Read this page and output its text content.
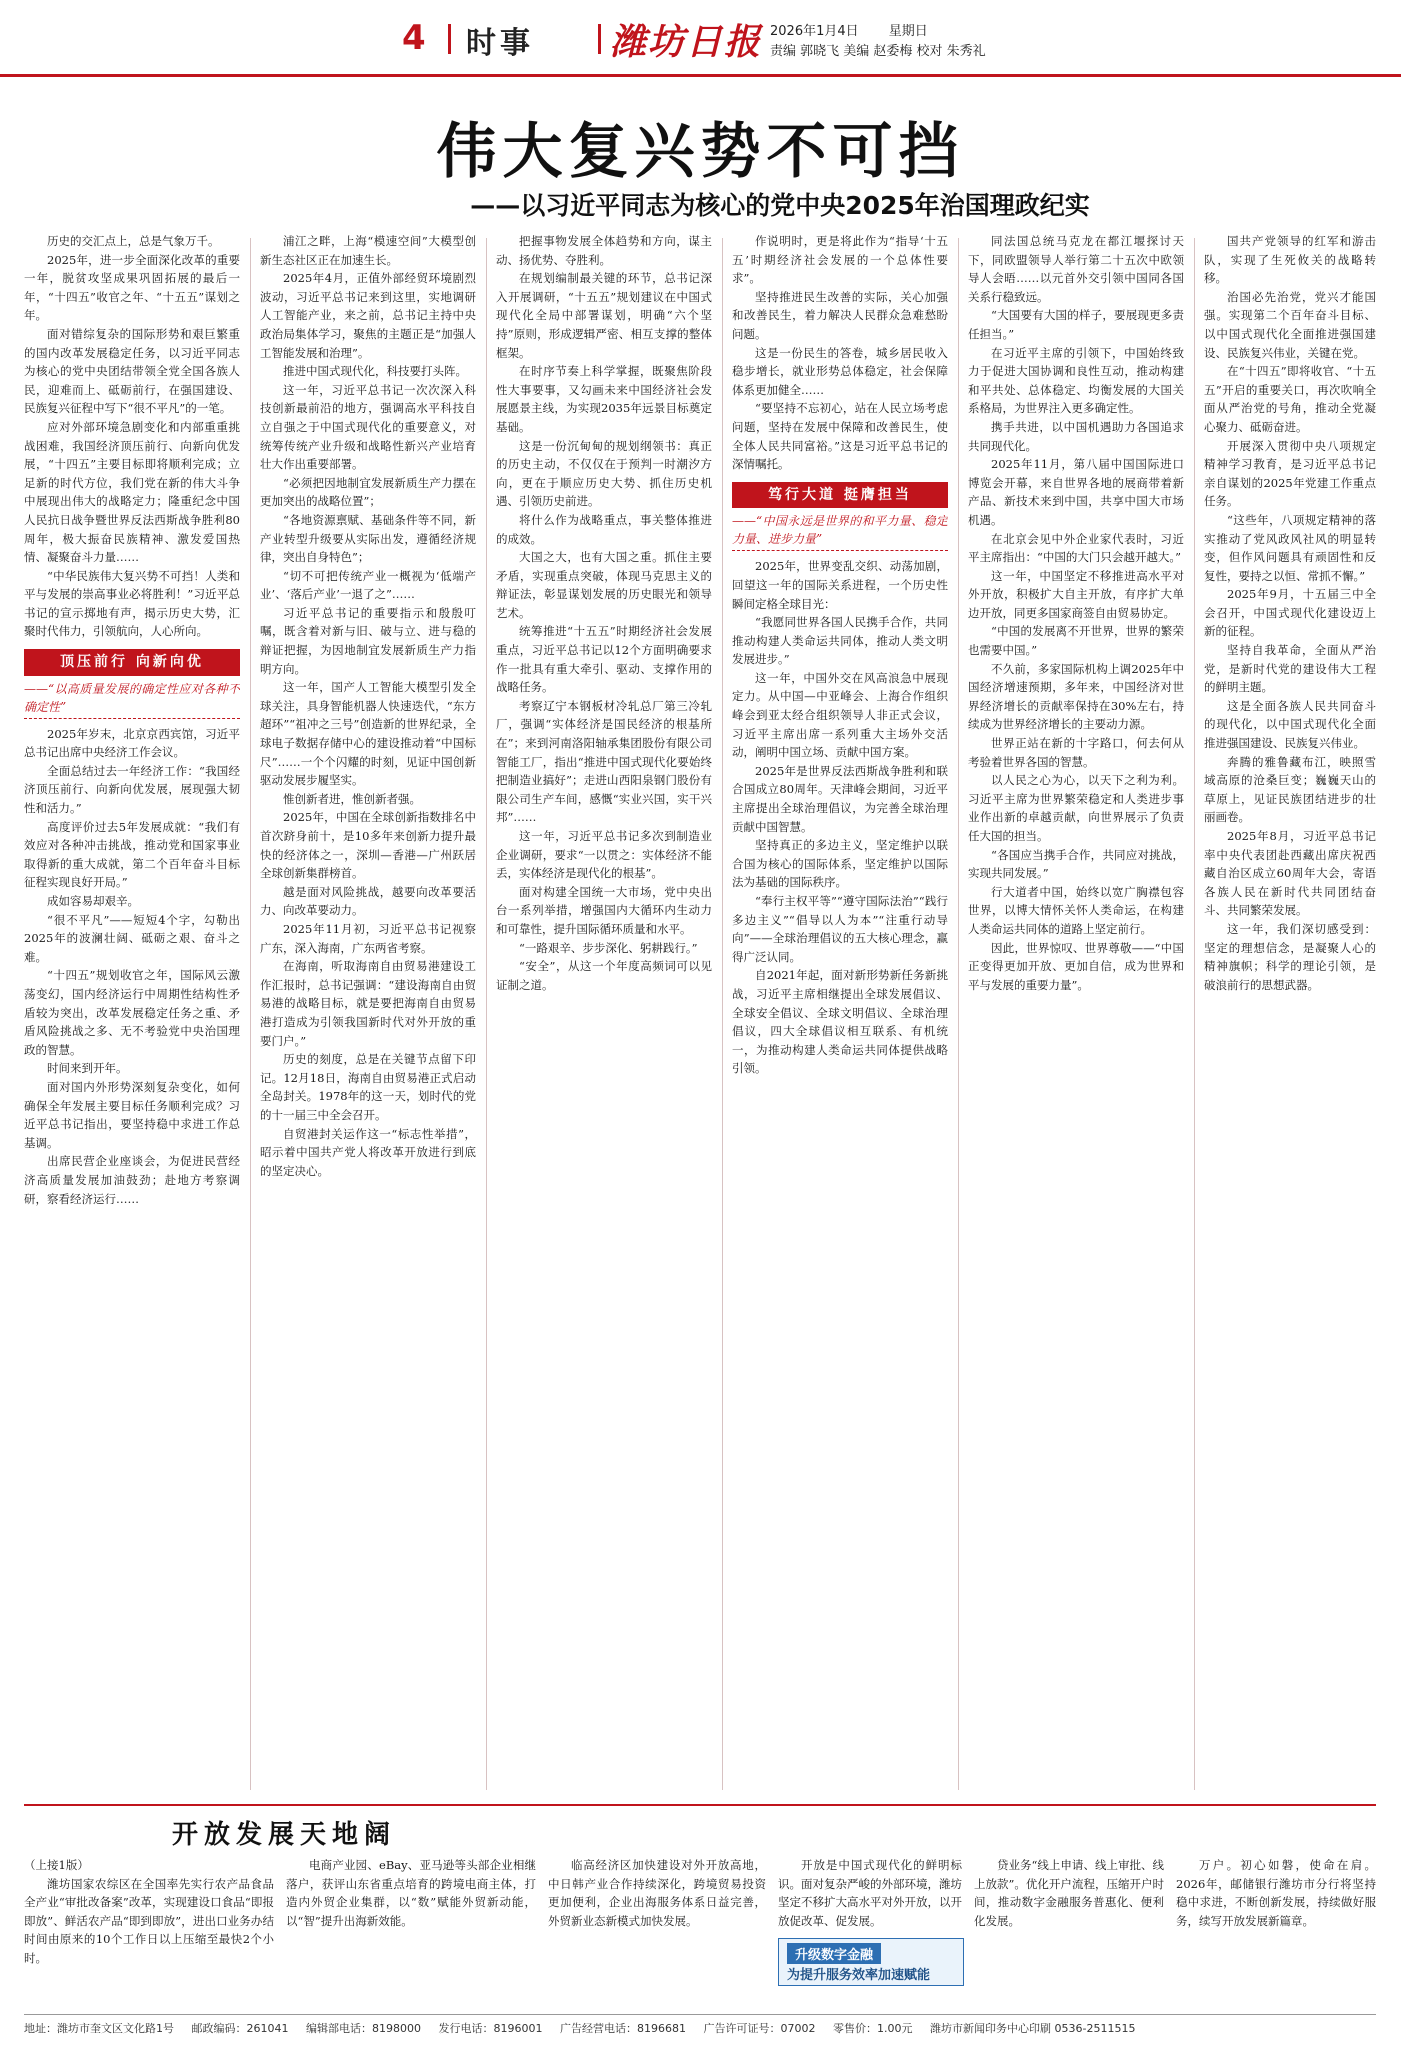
4 时事 潍坊日报 2026年1月4日 星期日
责编 郭晓飞 美编 赵委梅 校对 朱秀礼
伟大复兴势不可挡
——以习近平同志为核心的党中央2025年治国理政纪实

历史的交汇点上，总是气象万千。

2025年，进一步全面深化改革的重要一年，脱贫攻坚成果巩固拓展的最后一年，“十四五”收官之年、“十五五”谋划之年。

面对错综复杂的国际形势和艰巨繁重的国内改革发展稳定任务，以习近平同志为核心的党中央团结带领全党全国各族人民，迎难而上、砥砺前行，在强国建设、民族复兴征程中写下“很不平凡”的一笔。

应对外部环境急剧变化和内部重重挑战困难，我国经济顶压前行、向新向优发展，“十四五”主要目标即将顺利完成；立足新的时代方位，我们党在新的伟大斗争中展现出伟大的战略定力；隆重纪念中国人民抗日战争暨世界反法西斯战争胜利80周年，极大振奋民族精神、激发爱国热情、凝聚奋斗力量……

“中华民族伟大复兴势不可挡！人类和平与发展的崇高事业必将胜利！”习近平总书记的宣示掷地有声，揭示历史大势，汇聚时代伟力，引领航向，人心所向。

顶压前行 向新向优
——“以高质量发展的确定性应对各种不确定性”

2025年岁末，北京京西宾馆，习近平总书记出席中央经济工作会议。

全面总结过去一年经济工作：“我国经济顶压前行、向新向优发展，展现强大韧性和活力。”

高度评价过去5年发展成就：“我们有效应对各种冲击挑战，推动党和国家事业取得新的重大成就，第二个百年奋斗目标征程实现良好开局。”

成如容易却艰辛。

“很不平凡”——短短4个字，勾勒出2025年的波澜壮阔、砥砺之艰、奋斗之难。

“十四五”规划收官之年，国际风云激荡变幻，国内经济运行中周期性结构性矛盾较为突出，改革发展稳定任务之重、矛盾风险挑战之多、无不考验党中央治国理政的智慧。

时间来到开年。

面对国内外形势深刻复杂变化，如何确保全年发展主要目标任务顺利完成？习近平总书记指出，要坚持稳中求进工作总基调。

出席民营企业座谈会，为促进民营经济高质量发展加油鼓劲；赴地方考察调研，察看经济运行……

浦江之畔，上海“模速空间”大模型创新生态社区正在加速生长。

2025年4月，正值外部经贸环境剧烈波动，习近平总书记来到这里，实地调研人工智能产业，来之前，总书记主持中央政治局集体学习，聚焦的主题正是“加强人工智能发展和治理”。

推进中国式现代化，科技要打头阵。

这一年，习近平总书记一次次深入科技创新最前沿的地方，强调高水平科技自立自强之于中国式现代化的重要意义，对统筹传统产业升级和战略性新兴产业培育壮大作出重要部署。

“必须把因地制宜发展新质生产力摆在更加突出的战略位置”；

“各地资源禀赋、基础条件等不同，新产业转型升级要从实际出发，遵循经济规律，突出自身特色”；

“切不可把传统产业一概视为‘低端产业’、‘落后产业’一退了之”……

习近平总书记的重要指示和殷殷叮嘱，既含着对新与旧、破与立、进与稳的辩证把握，为因地制宜发展新质生产力指明方向。

这一年，国产人工智能大模型引发全球关注，具身智能机器人快速迭代，“东方超环”“祖冲之三号”创造新的世界纪录，全球电子数据存储中心的建设推动着“中国标尺”……一个个闪耀的时刻，见证中国创新驱动发展步履坚实。

惟创新者进，惟创新者强。

2025年，中国在全球创新指数排名中首次跻身前十，是10多年来创新力提升最快的经济体之一，深圳—香港—广州跃居全球创新集群榜首。

越是面对风险挑战，越要向改革要活力、向改革要动力。

2025年11月初，习近平总书记视察广东，深入海南，广东两省考察。

在海南，听取海南自由贸易港建设工作汇报时，总书记强调：“建设海南自由贸易港的战略目标，就是要把海南自由贸易港打造成为引领我国新时代对外开放的重要门户。”

历史的刻度，总是在关键节点留下印记。12月18日，海南自由贸易港正式启动全岛封关。1978年的这一天，划时代的党的十一届三中全会召开。

自贸港封关运作这一“标志性举措”，昭示着中国共产党人将改革开放进行到底的坚定决心。

把握事物发展全体趋势和方向，谋主动、扬优势、夺胜利。

在规划编制最关键的环节，总书记深入开展调研，“十五五”规划建议在中国式现代化全局中部署谋划，明确“六个坚持”原则，形成逻辑严密、相互支撑的整体框架。

在时序节奏上科学掌握，既聚焦阶段性大事要事，又勾画未来中国经济社会发展愿景主线，为实现2035年远景目标奠定基础。

这是一份沉甸甸的规划纲领书：真正的历史主动，不仅仅在于预判一时潮汐方向，更在于顺应历史大势、抓住历史机遇、引领历史前进。

将什么作为战略重点，事关整体推进的成效。

大国之大，也有大国之重。抓住主要矛盾，实现重点突破，体现马克思主义的辩证法，彰显谋划发展的历史眼光和领导艺术。

统筹推进“十五五”时期经济社会发展重点，习近平总书记以12个方面明确要求作一批具有重大牵引、驱动、支撑作用的战略任务。

考察辽宁本钢板材冷轧总厂第三冷轧厂，强调“实体经济是国民经济的根基所在”；来到河南洛阳轴承集团股份有限公司智能工厂，指出“推进中国式现代化要始终把制造业搞好”；走进山西阳泉钢门股份有限公司生产车间，感慨“实业兴国，实干兴邦”……

这一年，习近平总书记多次到制造业企业调研，要求“一以贯之：实体经济不能丢，实体经济是现代化的根基”。

面对构建全国统一大市场，党中央出台一系列举措，增强国内大循环内生动力和可靠性，提升国际循环质量和水平。

“一路艰辛、步步深化、躬耕践行。”

“安全”，从这一个年度高频词可以见证制之道。

作说明时，更是将此作为“指导‘十五五’时期经济社会发展的一个总体性要求”。

坚持推进民生改善的实际，关心加强和改善民生，着力解决人民群众急难愁盼问题。

这是一份民生的答卷，城乡居民收入稳步增长，就业形势总体稳定，社会保障体系更加健全……

“要坚持不忘初心，站在人民立场考虑问题，坚持在发展中保障和改善民生，使全体人民共同富裕。”这是习近平总书记的深情嘱托。

笃行大道 挺膺担当
——“中国永远是世界的和平力量、稳定力量、进步力量”

2025年，世界变乱交织、动荡加剧，回望这一年的国际关系进程，一个历史性瞬间定格全球目光：

“我愿同世界各国人民携手合作，共同推动构建人类命运共同体，推动人类文明发展进步。”

这一年，中国外交在风高浪急中展现定力。从中国—中亚峰会、上海合作组织峰会到亚太经合组织领导人非正式会议，习近平主席出席一系列重大主场外交活动，阐明中国立场、贡献中国方案。

2025年是世界反法西斯战争胜利和联合国成立80周年。天津峰会期间，习近平主席提出全球治理倡议，为完善全球治理贡献中国智慧。

坚持真正的多边主义，坚定维护以联合国为核心的国际体系，坚定维护以国际法为基础的国际秩序。

“奉行主权平等”“遵守国际法治”“践行多边主义”“倡导以人为本”“注重行动导向”——全球治理倡议的五大核心理念，赢得广泛认同。

自2021年起，面对新形势新任务新挑战，习近平主席相继提出全球发展倡议、全球安全倡议、全球文明倡议、全球治理倡议，四大全球倡议相互联系、有机统一，为推动构建人类命运共同体提供战略引领。

同法国总统马克龙在都江堰探讨天下，同欧盟领导人举行第二十五次中欧领导人会晤……以元首外交引领中国同各国关系行稳致远。

“大国要有大国的样子，要展现更多责任担当。”

在习近平主席的引领下，中国始终致力于促进大国协调和良性互动，推动构建和平共处、总体稳定、均衡发展的大国关系格局，为世界注入更多确定性。

携手共进，以中国机遇助力各国追求共同现代化。

2025年11月，第八届中国国际进口博览会开幕，来自世界各地的展商带着新产品、新技术来到中国，共享中国大市场机遇。

在北京会见中外企业家代表时，习近平主席指出：“中国的大门只会越开越大。”

这一年，中国坚定不移推进高水平对外开放，积极扩大自主开放，有序扩大单边开放，同更多国家商签自由贸易协定。

“中国的发展离不开世界，世界的繁荣也需要中国。”

不久前，多家国际机构上调2025年中国经济增速预期，多年来，中国经济对世界经济增长的贡献率保持在30%左右，持续成为世界经济增长的主要动力源。

世界正站在新的十字路口，何去何从考验着世界各国的智慧。

以人民之心为心，以天下之利为利。习近平主席为世界繁荣稳定和人类进步事业作出新的卓越贡献，向世界展示了负责任大国的担当。

“各国应当携手合作，共同应对挑战，实现共同发展。”

行大道者中国，始终以宽广胸襟包容世界，以博大情怀关怀人类命运，在构建人类命运共同体的道路上坚定前行。

因此，世界惊叹、世界尊敬——“中国正变得更加开放、更加自信，成为世界和平与发展的重要力量”。

国共产党领导的红军和游击队，实现了生死攸关的战略转移。

治国必先治党，党兴才能国强。实现第二个百年奋斗目标、以中国式现代化全面推进强国建设、民族复兴伟业，关键在党。

在“十四五”即将收官、“十五五”开启的重要关口，再次吹响全面从严治党的号角，推动全党凝心聚力、砥砺奋进。

开展深入贯彻中央八项规定精神学习教育，是习近平总书记亲自谋划的2025年党建工作重点任务。

“这些年，八项规定精神的落实推动了党风政风社风的明显转变，但作风问题具有顽固性和反复性，要持之以恒、常抓不懈。”

2025年9月，十五届三中全会召开，中国式现代化建设迈上新的征程。

坚持自我革命，全面从严治党，是新时代党的建设伟大工程的鲜明主题。

这是全面各族人民共同奋斗的现代化，以中国式现代化全面推进强国建设、民族复兴伟业。

奔腾的雅鲁藏布江，映照雪域高原的沧桑巨变；巍巍天山的草原上，见证民族团结进步的壮丽画卷。

2025年8月，习近平总书记率中央代表团赴西藏出席庆祝西藏自治区成立60周年大会，寄语各族人民在新时代共同团结奋斗、共同繁荣发展。

这一年，我们深切感受到：坚定的理想信念，是凝聚人心的精神旗帜；科学的理论引领，是破浪前行的思想武器。

开放发展天地阔

（上接1版）

潍坊国家农综区在全国率先实行农产品食品全产业“审批改备案”改革，实现建设口食品“即报即放”、鲜活农产品“即到即放”，进出口业务办结时间由原来的10个工作日以上压缩至最快2个小时。

电商产业园、eBay、亚马逊等头部企业相继落户，获评山东省重点培育的跨境电商主体，打造内外贸企业集群，以“数”赋能外贸新动能，以“智”提升出海新效能。

临高经济区加快建设对外开放高地，中日韩产业合作持续深化，跨境贸易投资更加便利，企业出海服务体系日益完善，外贸新业态新模式加快发展。

开放是中国式现代化的鲜明标识。面对复杂严峻的外部环境，潍坊坚定不移扩大高水平对外开放，以开放促改革、促发展。

升级数字金融
为提升服务效率加速赋能

贷业务“线上申请、线上审批、线上放款”。优化开户流程，压缩开户时间，推动数字金融服务普惠化、便利化发展。

万户。初心如磐，使命在肩。2026年，邮储银行潍坊市分行将坚持稳中求进，不断创新发展，持续做好服务，续写开放发展新篇章。

地址：潍坊市奎文区文化路1号 邮政编码：261041 编辑部电话：8198000 发行电话：8196001 广告经营电话：8196681 广告许可证号：07002 零售价：1.00元 潍坊市新闻印务中心印刷 0536-2511515
